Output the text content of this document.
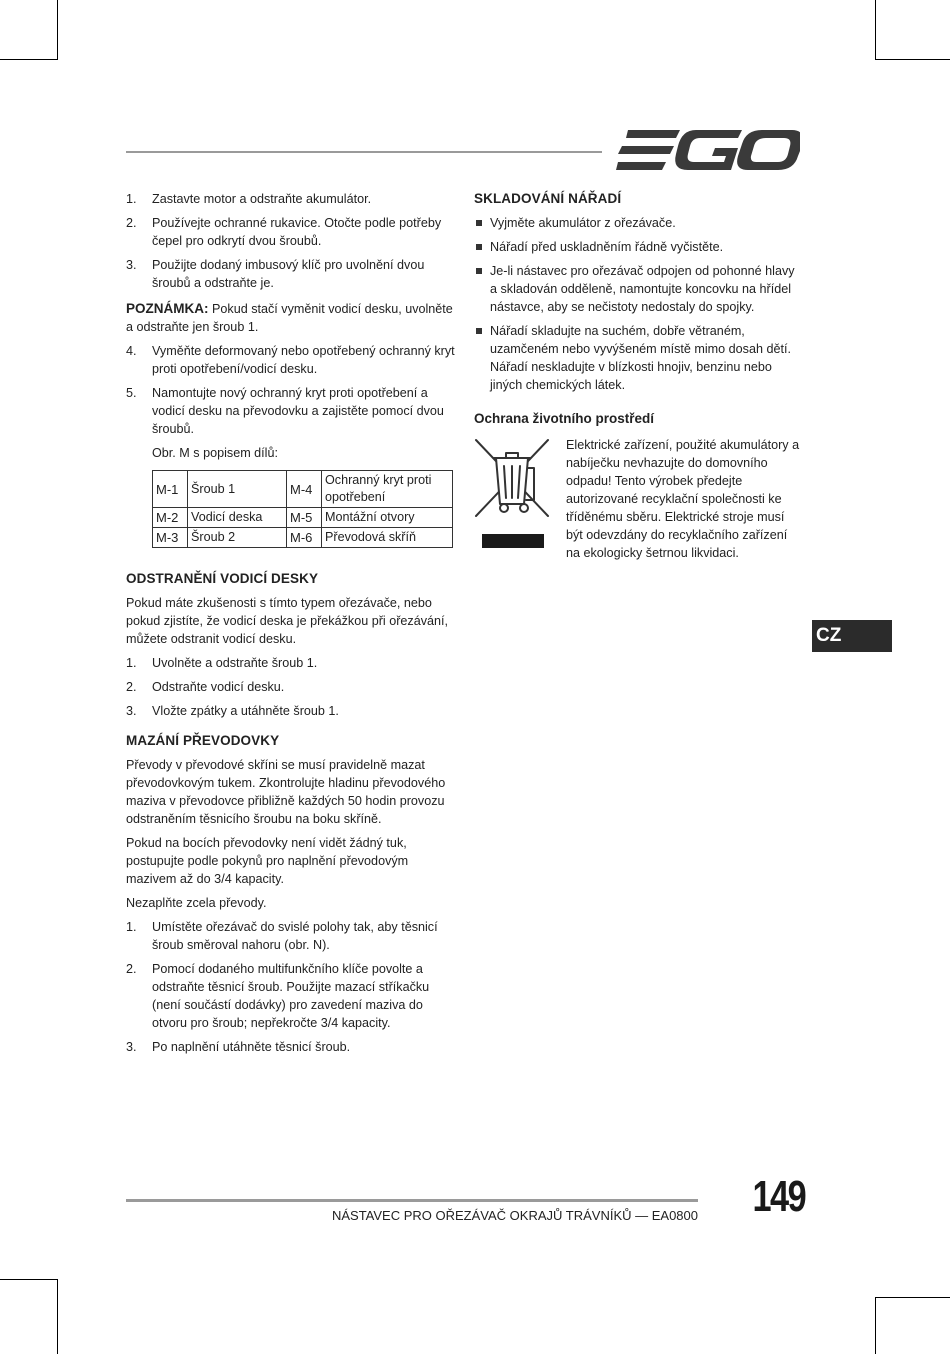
1. Zastavte motor a odstraňte akumulátor.
2. Používejte ochranné rukavice. Otočte podle potřeby čepel pro odkrytí dvou šroubů.
3. Použijte dodaný imbusový klíč pro uvolnění dvou šroubů a odstraňte je.

POZNÁMKA: Pokud stačí vyměnit vodicí desku, uvolněte a odstraňte jen šroub 1.

4. Vyměňte deformovaný nebo opotřebený ochranný kryt proti opotřebení/vodicí desku.
5. Namontujte nový ochranný kryt proti opotřebení a vodicí desku na převodovku a zajistěte pomocí dvou šroubů.
Obr. M s popisem dílů:
M-1	Šroub 1	M-4	Ochranný kryt proti opotřebení
M-2	Vodicí deska	M-5	Montážní otvory
M-3	Šroub 2	M-6	Převodová skříň
ODSTRANĚNÍ VODICÍ DESKY

Pokud máte zkušenosti s tímto typem ořezávače, nebo pokud zjistíte, že vodicí deska je překážkou při ořezávání, můžete odstranit vodicí desku.

1. Uvolněte a odstraňte šroub 1.
2. Odstraňte vodicí desku.
3. Vložte zpátky a utáhněte šroub 1.
MAZÁNÍ PŘEVODOVKY

Převody v převodové skříni se musí pravidelně mazat převodovkovým tukem. Zkontrolujte hladinu převodového maziva v převodovce přibližně každých 50 hodin provozu odstraněním těsnicího šroubu na boku skříně.

Pokud na bocích převodovky není vidět žádný tuk, postupujte podle pokynů pro naplnění převodovým mazivem až do 3/4 kapacity.

Nezaplňte zcela převody.

1. Umístěte ořezávač do svislé polohy tak, aby těsnicí šroub směroval nahoru (obr. N).
2. Pomocí dodaného multifunkčního klíče povolte a odstraňte těsnicí šroub. Použijte mazací stříkačku (není součástí dodávky) pro zavedení maziva do otvoru pro šroub; nepřekročte 3/4 kapacity.
3. Po naplnění utáhněte těsnicí šroub.
SKLADOVÁNÍ NÁŘADÍ
Vyjměte akumulátor z ořezávače.
Nářadí před uskladněním řádně vyčistěte.
Je-li nástavec pro ořezávač odpojen od pohonné hlavy a skladován odděleně, namontujte koncovku na hřídel nástavce, aby se nečistoty nedostaly do spojky.
Nářadí skladujte na suchém, dobře větraném, uzamčeném nebo vyvýšeném místě mimo dosah dětí. Nářadí neskladujte v blízkosti hnojiv, benzinu nebo jiných chemických látek.
Ochrana životního prostředí
Elektrické zařízení, použité akumulátory a nabíječku nevhazujte do domovního odpadu! Tento výrobek předejte autorizované recyklační společnosti ke tříděnému sběru. Elektrické stroje musí být odevzdány do recyklačního zařízení na ekologicky šetrnou likvidaci.
CZ
NÁSTAVEC PRO OŘEZÁVAČ OKRAJŮ TRÁVNÍKŮ — EA0800 149
